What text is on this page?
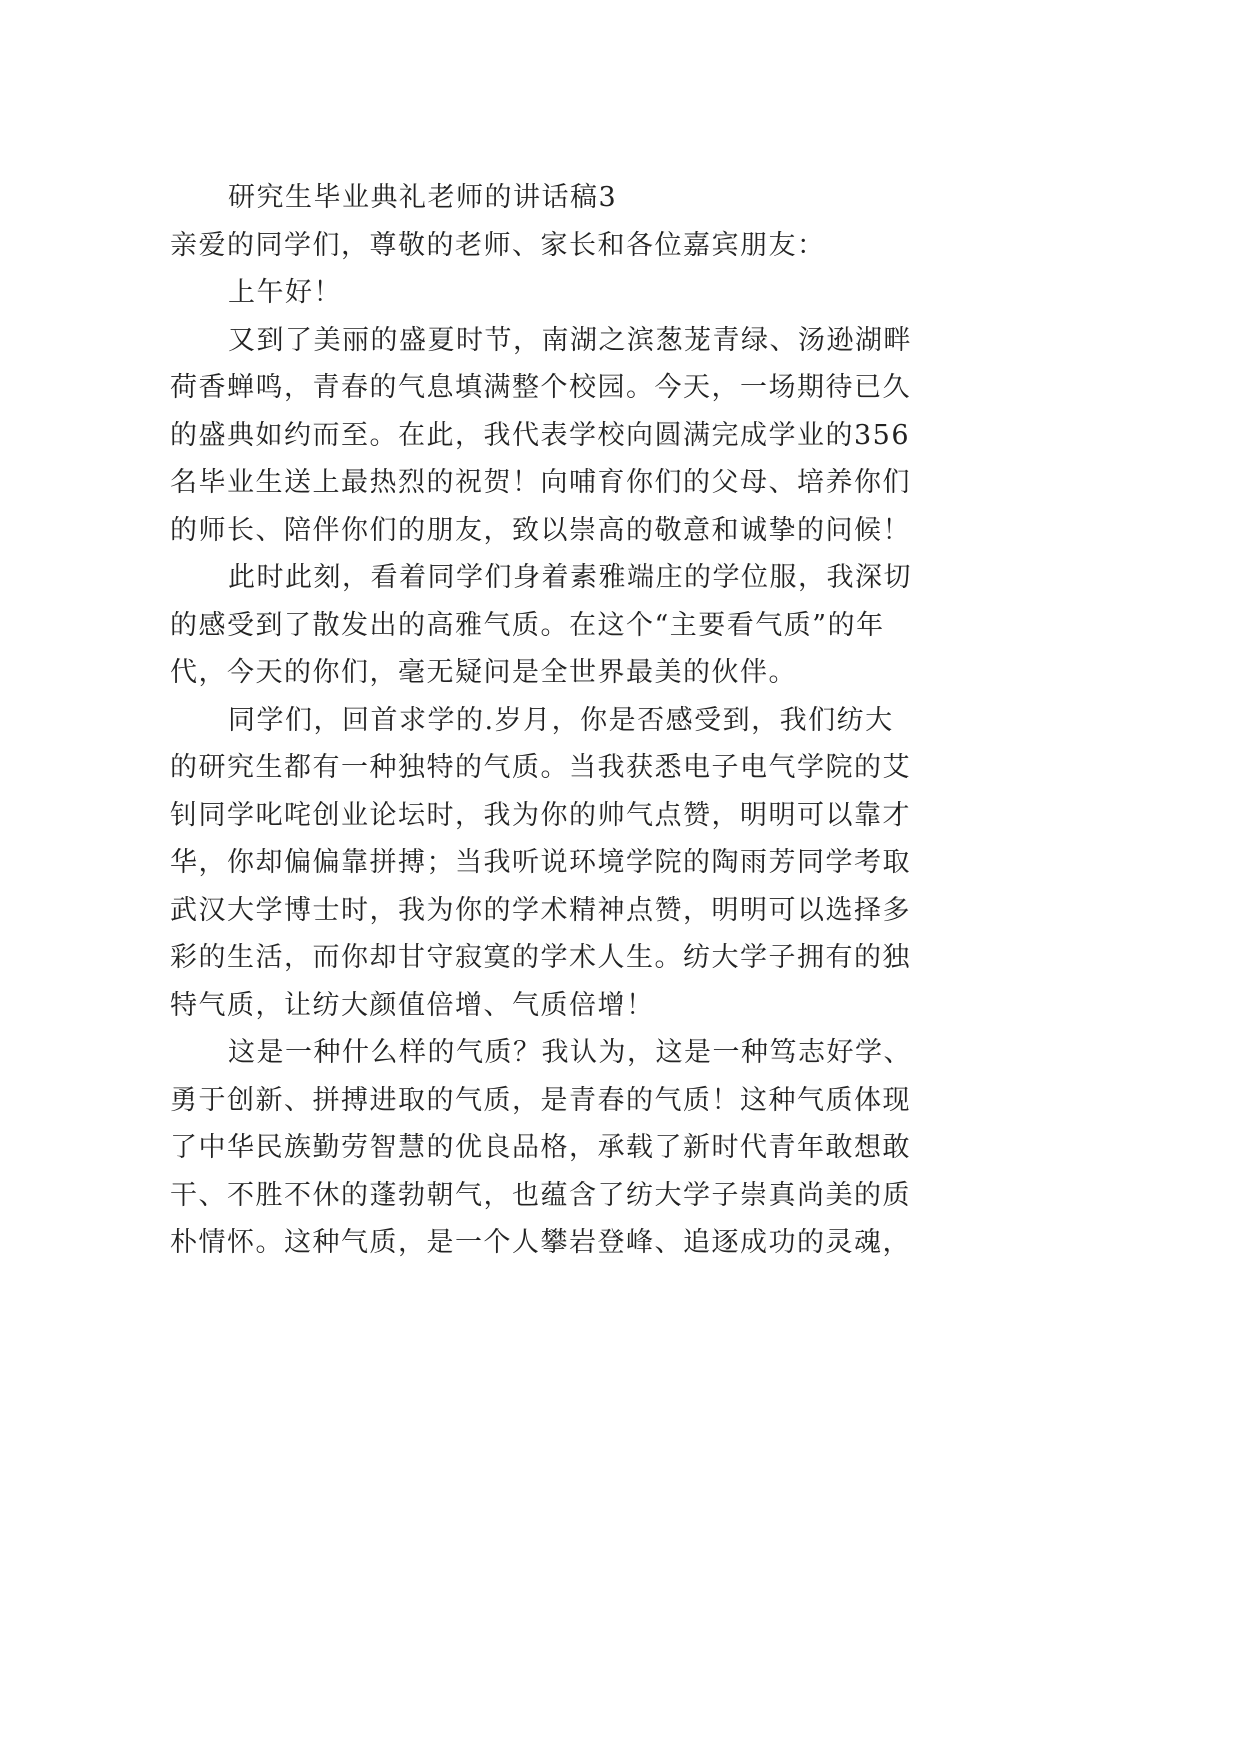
研究生毕业典礼老师的讲话稿3
亲爱的同学们，尊敬的老师、家长和各位嘉宾朋友：
上午好！
又到了美丽的盛夏时节，南湖之滨葱茏青绿、汤逊湖畔
荷香蝉鸣，青春的气息填满整个校园。今天，一场期待已久
的盛典如约而至。在此，我代表学校向圆满完成学业的356
名毕业生送上最热烈的祝贺！向哺育你们的父母、培养你们
的师长、陪伴你们的朋友，致以崇高的敬意和诚挚的问候！
此时此刻，看着同学们身着素雅端庄的学位服，我深切
的感受到了散发出的高雅气质。在这个“主要看气质”的年
代，今天的你们，毫无疑问是全世界最美的伙伴。
同学们，回首求学的.岁月，你是否感受到，我们纺大
的研究生都有一种独特的气质。当我获悉电子电气学院的艾
钊同学叱咤创业论坛时，我为你的帅气点赞，明明可以靠才
华，你却偏偏靠拼搏；当我听说环境学院的陶雨芳同学考取
武汉大学博士时，我为你的学术精神点赞，明明可以选择多
彩的生活，而你却甘守寂寞的学术人生。纺大学子拥有的独
特气质，让纺大颜值倍增、气质倍增！
这是一种什么样的气质？我认为，这是一种笃志好学、
勇于创新、拼搏进取的气质，是青春的气质！这种气质体现
了中华民族勤劳智慧的优良品格，承载了新时代青年敢想敢
干、不胜不休的蓬勃朝气，也蕴含了纺大学子崇真尚美的质
朴情怀。这种气质，是一个人攀岩登峰、追逐成功的灵魂，
